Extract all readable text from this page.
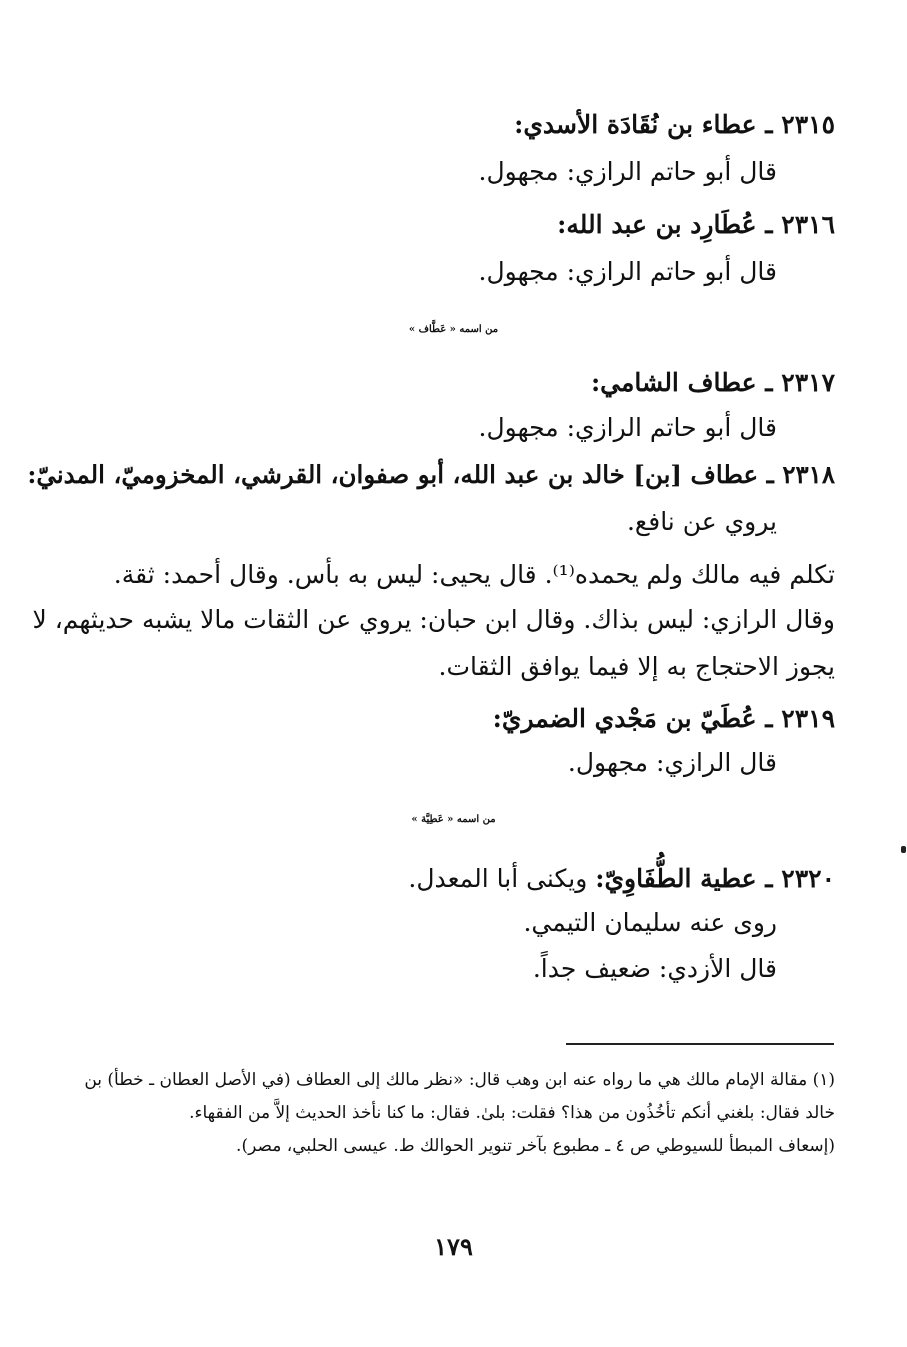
٢٣١٥ ـ عطاء بن نُقَادَة الأسدي:
قال أبو حاتم الرازي: مجهول.
٢٣١٦ ـ عُطَارِد بن عبد الله:
قال أبو حاتم الرازي: مجهول.
من اسمه « عَطَّاف »
٢٣١٧ ـ عطاف الشامي:
قال أبو حاتم الرازي: مجهول.
٢٣١٨ ـ عطاف [بن] خالد بن عبد الله، أبو صفوان، القرشي، المخزوميّ، المدنيّ:
يروي عن نافع.
تكلم فيه مالك ولم يحمده⁽¹⁾. قال يحيى: ليس به بأس. وقال أحمد: ثقة.
وقال الرازي: ليس بذاك. وقال ابن حبان: يروي عن الثقات مالا يشبه حديثهم، لا
يجوز الاحتجاج به إلا فيما يوافق الثقات.
٢٣١٩ ـ عُطَيّ بن مَجْدي الضمريّ:
قال الرازي: مجهول.
من اسمه « عَطِيَّة »
٢٣٢٠ ـ عطية الطُّفَاوِيّ: ويكنى أبا المعدل.
روى عنه سليمان التيمي.
قال الأزدي: ضعيف جداً.
(١) مقالة الإمام مالك هي ما رواه عنه ابن وهب قال: «نظر مالك إلى العطاف (في الأصل العطان ـ خطأ) بن
خالد فقال: بلغني أنكم تأخُذُون من هذا؟ فقلت: بلىٰ. فقال: ما كنا نأخذ الحديث إلاَّ من الفقهاء.
(إسعاف المبطأ للسيوطي ص ٤ ـ مطبوع بآخر تنوير الحوالك ط. عيسى الحلبي، مصر).
١٧٩
